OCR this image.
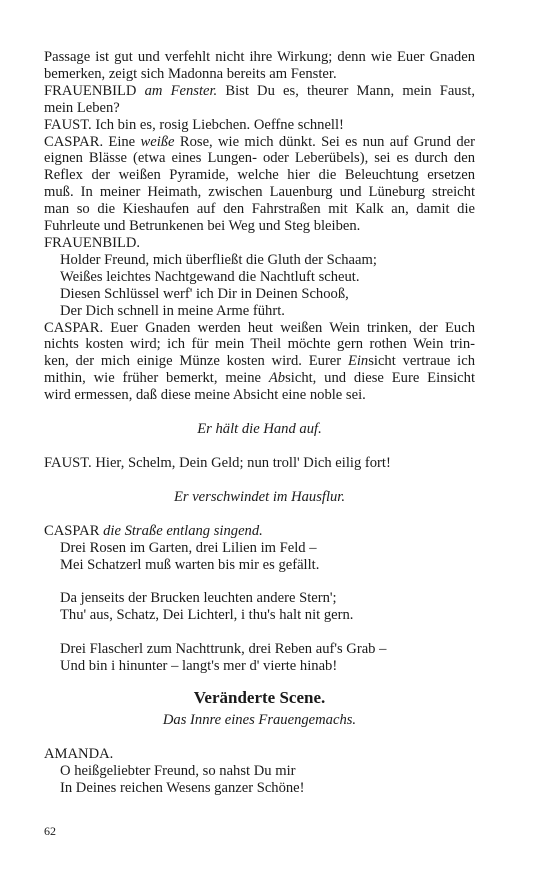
Passage ist gut und verfehlt nicht ihre Wirkung; denn wie Euer Gnaden
bemerken, zeigt sich Madonna bereits am Fenster.
FRAUENBILD am Fenster. Bist Du es, theurer Mann, mein Faust,
mein Leben?
FAUST. Ich bin es, rosig Liebchen. Oeffne schnell!
CASPAR. Eine weiße Rose, wie mich dünkt. Sei es nun auf Grund der
eignen Blässe (etwa eines Lungen- oder Leberübels), sei es durch den
Reflex der weißen Pyramide, welche hier die Beleuchtung ersetzen
muß. In meiner Heimath, zwischen Lauenburg und Lüneburg streicht
man so die Kieshaufen auf den Fahrstraßen mit Kalk an, damit die
Fuhrleute und Betrunkenen bei Weg und Steg bleiben.
FRAUENBILD.
Holder Freund, mich überfließt die Gluth der Schaam;
Weißes leichtes Nachtgewand die Nachtluft scheut.
Diesen Schlüssel werf' ich Dir in Deinen Schooß,
Der Dich schnell in meine Arme führt.
CASPAR. Euer Gnaden werden heut weißen Wein trinken, der Euch
nichts kosten wird; ich für mein Theil möchte gern rothen Wein trin-
ken, der mich einige Münze kosten wird. Eurer Einsicht vertraue ich
mithin, wie früher bemerkt, meine Absicht, und diese Eure Einsicht
wird ermessen, daß diese meine Absicht eine noble sei.
Er hält die Hand auf.
FAUST. Hier, Schelm, Dein Geld; nun troll' Dich eilig fort!
Er verschwindet im Hausflur.
CASPAR die Straße entlang singend.
Drei Rosen im Garten, drei Lilien im Feld –
Mei Schatzerl muß warten bis mir es gefällt.
Da jenseits der Brucken leuchten andere Stern';
Thu' aus, Schatz, Dei Lichterl, i thu's halt nit gern.
Drei Flascherl zum Nachttrunk, drei Reben auf's Grab –
Und bin i hinunter – langt's mer d' vierte hinab!
Veränderte Scene.
Das Innre eines Frauengemachs.
AMANDA.
O heißgeliebter Freund, so nahst Du mir
In Deines reichen Wesens ganzer Schöne!
62
